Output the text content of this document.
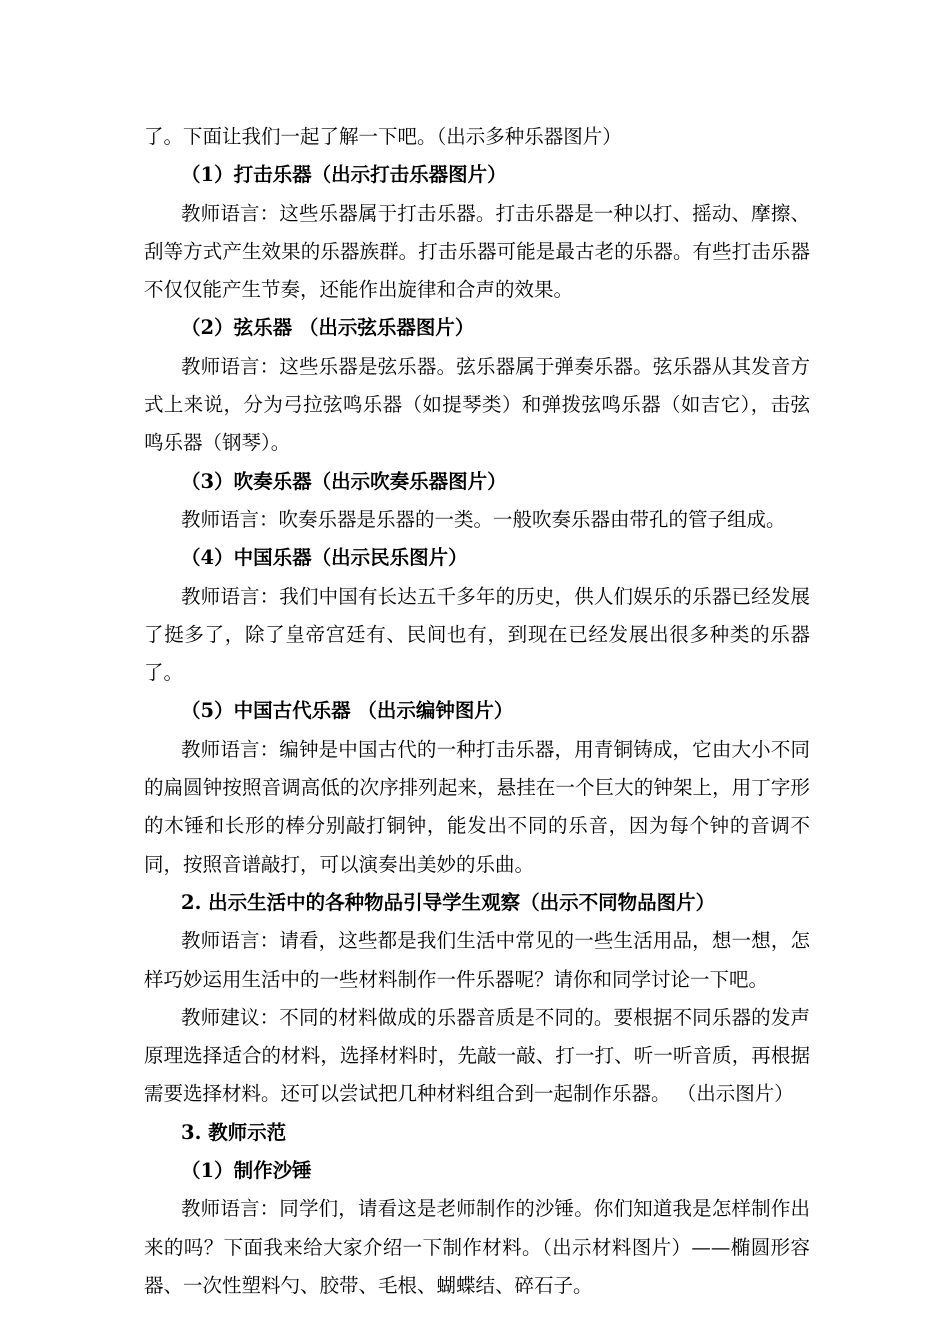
了。下面让我们一起了解一下吧。（出示多种乐器图片）

（1）打击乐器（出示打击乐器图片）

教师语言：这些乐器属于打击乐器。打击乐器是一种以打、摇动、摩擦、刮等方式产生效果的乐器族群。打击乐器可能是最古老的乐器。有些打击乐器不仅仅能产生节奏，还能作出旋律和合声的效果。

（2）弦乐器 （出示弦乐器图片）

教师语言：这些乐器是弦乐器。弦乐器属于弹奏乐器。弦乐器从其发音方式上来说，分为弓拉弦鸣乐器（如提琴类）和弹拨弦鸣乐器（如吉它），击弦鸣乐器（钢琴）。

（3）吹奏乐器（出示吹奏乐器图片）

教师语言：吹奏乐器是乐器的一类。一般吹奏乐器由带孔的管子组成。

（4）中国乐器（出示民乐图片）

教师语言：我们中国有长达五千多年的历史，供人们娱乐的乐器已经发展了挺多了，除了皇帝宫廷有、民间也有，到现在已经发展出很多种类的乐器了。

（5）中国古代乐器 （出示编钟图片）

教师语言：编钟是中国古代的一种打击乐器，用青铜铸成，它由大小不同的扁圆钟按照音调高低的次序排列起来，悬挂在一个巨大的钟架上，用丁字形的木锤和长形的棒分别敲打铜钟，能发出不同的乐音，因为每个钟的音调不同，按照音谱敲打，可以演奏出美妙的乐曲。

2. 出示生活中的各种物品引导学生观察（出示不同物品图片）

教师语言：请看，这些都是我们生活中常见的一些生活用品，想一想，怎样巧妙运用生活中的一些材料制作一件乐器呢？请你和同学讨论一下吧。

教师建议：不同的材料做成的乐器音质是不同的。要根据不同乐器的发声原理选择适合的材料，选择材料时，先敲一敲、打一打、听一听音质，再根据需要选择材料。还可以尝试把几种材料组合到一起制作乐器。 （出示图片）

3. 教师示范

（1）制作沙锤

教师语言：同学们，请看这是老师制作的沙锤。你们知道我是怎样制作出来的吗？下面我来给大家介绍一下制作材料。（出示材料图片）——椭圆形容器、一次性塑料勺、胶带、毛根、蝴蝶结、碎石子。
